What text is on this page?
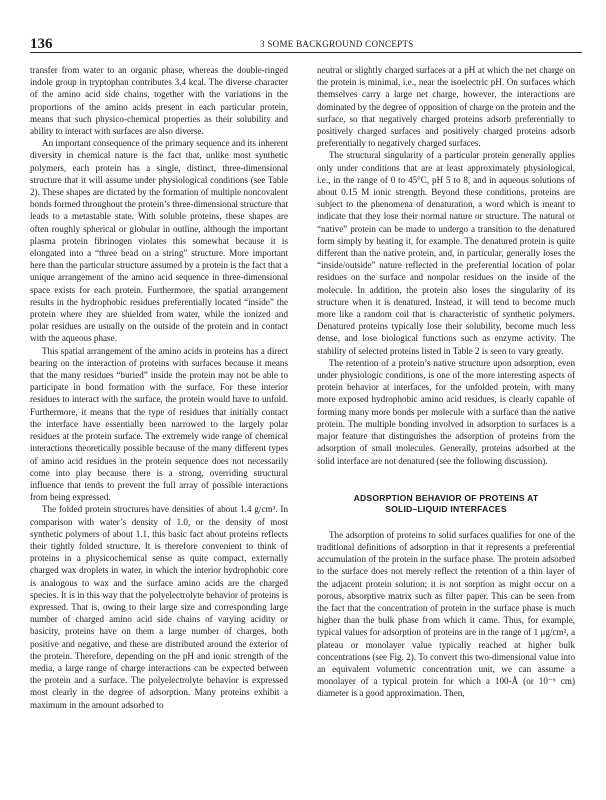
136	3 SOME BACKGROUND CONCEPTS

transfer from water to an organic phase, whereas the double-ringed indole group in tryptophan contributes 3.4 kcal. The diverse character of the amino acid side chains, together with the variations in the proportions of the amino acids present in each particular protein, means that such physico-chemical properties as their solubility and ability to interact with surfaces are also diverse.

An important consequence of the primary sequence and its inherent diversity in chemical nature is the fact that, unlike most synthetic polymers, each protein has a single, distinct, three-dimensional structure that it will assume under physiological conditions (see Table 2). These shapes are dictated by the formation of multiple noncovalent bonds formed throughout the protein’s three-dimensional structure that leads to a metastable state. With soluble proteins, these shapes are often roughly spherical or globular in outline, although the important plasma protein fibrinogen violates this somewhat because it is elongated into a “three bead on a string” structure. More important here than the particular structure assumed by a protein is the fact that a unique arrangement of the amino acid sequence in three-dimensional space exists for each protein. Furthermore, the spatial arrangement results in the hydrophobic residues preferentially located “inside” the protein where they are shielded from water, while the ionized and polar residues are usually on the outside of the protein and in contact with the aqueous phase.

This spatial arrangement of the amino acids in proteins has a direct bearing on the interaction of proteins with surfaces because it means that the many residues “buried” inside the protein may not be able to participate in bond formation with the surface. For these interior residues to interact with the surface, the protein would have to unfold. Furthermore, it means that the type of residues that initially contact the interface have essentially been narrowed to the largely polar residues at the protein surface. The extremely wide range of chemical interactions theoretically possible because of the many different types of amino acid residues in the protein sequence does not necessarily come into play because there is a strong, overriding structural influence that tends to prevent the full array of possible interactions from being expressed.

The folded protein structures have densities of about 1.4 g/cm³. In comparison with water’s density of 1.0, or the density of most synthetic polymers of about 1.1, this basic fact about proteins reflects their tightly folded structure. It is therefore convenient to think of proteins in a physicochemical sense as quite compact, externally charged wax droplets in water, in which the interior hydrophobic core is analogous to wax and the surface amino acids are the charged species. It is in this way that the polyelectrolyte behavior of proteins is expressed. That is, owing to their large size and corresponding large number of charged amino acid side chains of varying acidity or basicity, proteins have on them a large number of charges, both positive and negative, and these are distributed around the exterior of the protein. Therefore, depending on the pH and ionic strength of the media, a large range of charge interactions can be expected between the protein and a surface. The polyelectrolyte behavior is expressed most clearly in the degree of adsorption. Many proteins exhibit a maximum in the amount adsorbed to

neutral or slightly charged surfaces at a pH at which the net charge on the protein is minimal, i.e., near the isoelectric pH. On surfaces which themselves carry a large net charge, however, the interactions are dominated by the degree of opposition of charge on the protein and the surface, so that negatively charged proteins adsorb preferentially to positively charged surfaces and positively charged proteins adsorb preferentially to negatively charged surfaces.

The structural singularity of a particular protein generally applies only under conditions that are at least approximately physiological, i.e., in the range of 0 to 45°C, pH 5 to 8, and in aqueous solutions of about 0.15 M ionic strength. Beyond these conditions, proteins are subject to the phenomena of denaturation, a word which is meant to indicate that they lose their normal nature or structure. The natural or “native” protein can be made to undergo a transition to the denatured form simply by heating it, for example. The denatured protein is quite different than the native protein, and, in particular, generally loses the “inside/outside” nature reflected in the preferential location of polar residues on the surface and nonpolar residues on the inside of the molecule. In addition, the protein also loses the singularity of its structure when it is denatured. Instead, it will tend to become much more like a random coil that is characteristic of synthetic polymers. Denatured proteins typically lose their solubility, become much less dense, and lose biological functions such as enzyme activity. The stability of selected proteins listed in Table 2 is seen to vary greatly.

The retention of a protein’s native structure upon adsorption, even under physiologic conditions, is one of the more interesting aspects of protein behavior at interfaces, for the unfolded protein, with many more exposed hydrophobic amino acid residues, is clearly capable of forming many more bonds per molecule with a surface than the native protein. The multiple bonding involved in adsorption to surfaces is a major feature that distinguishes the adsorption of proteins from the adsorption of small molecules. Generally, proteins adsorbed at the solid interface are not denatured (see the following discussion).

ADSORPTION BEHAVIOR OF PROTEINS AT
SOLID–LIQUID INTERFACES

The adsorption of proteins to solid surfaces qualifies for one of the traditional definitions of adsorption in that it represents a preferential accumulation of the protein in the surface phase. The protein adsorbed to the surface does not merely reflect the retention of a thin layer of the adjacent protein solution; it is not sorption as might occur on a porous, absorptive matrix such as filter paper. This can be seen from the fact that the concentration of protein in the surface phase is much higher than the bulk phase from which it came. Thus, for example, typical values for adsorption of proteins are in the range of 1 μg/cm², a plateau or monolayer value typically reached at higher bulk concentrations (see Fig. 2). To convert this two-dimensional value into an equivalent volumetric concentration unit, we can assume a monolayer of a typical protein for which a 100-Å (or 10⁻⁶ cm) diameter is a good approximation. Then,
